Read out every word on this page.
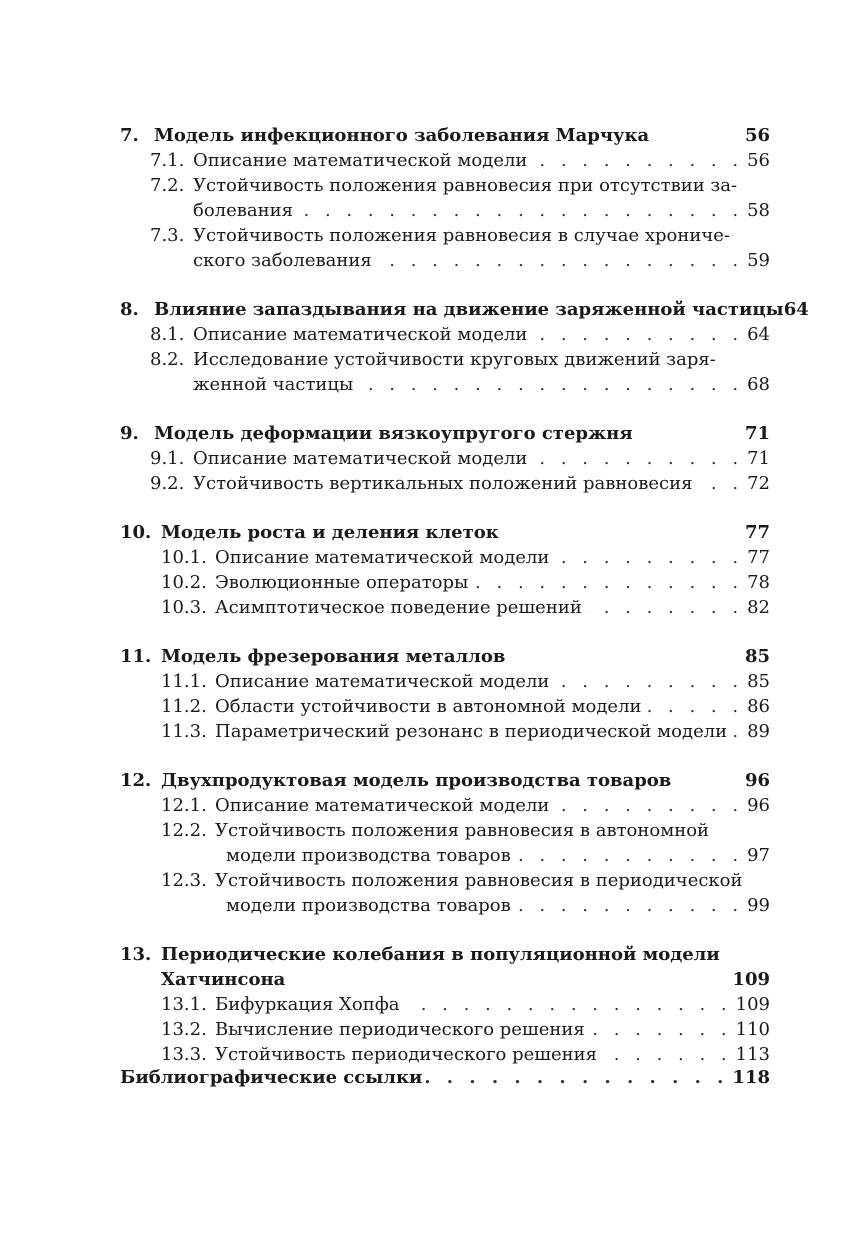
7. Модель инфекционного заболевания Марчука	56
7.1. Описание математической модели . . .	56
7.2. Устойчивость положения равновесия при отсутствии за-
болевания . . .	58
7.3. Устойчивость положения равновесия в случае хрониче-
ского заболевания . . .	59
8. Влияние запаздывания на движение заряженной частицы 64
8.1. Описание математической модели . . .	64
8.2. Исследование устойчивости круговых движений заря-
женной частицы . . .	68
9. Модель деформации вязкоупругого стержня	71
9.1. Описание математической модели . . .	71
9.2. Устойчивость вертикальных положений равновесия . . .	72
10. Модель роста и деления клеток	77
10.1. Описание математической модели . . .	77
10.2. Эволюционные операторы . . .	78
10.3. Асимптотическое поведение решений . . .	82
11. Модель фрезерования металлов	85
11.1. Описание математической модели . . .	85
11.2. Области устойчивости в автономной модели . . .	86
11.3. Параметрический резонанс в периодической модели . . . 89
12. Двухпродуктовая модель производства товаров	96
12.1. Описание математической модели . . .	96
12.2. Устойчивость положения равновесия в автономной
модели производства товаров . . .	97
12.3. Устойчивость положения равновесия в периодической
модели производства товаров . . .	99
13. Периодические колебания в популяционной модели
Хатчинсона	109
13.1. Бифуркация Хопфа . . .	109
13.2. Вычисление периодического решения . . .	110
13.3. Устойчивость периодического решения . . .	113
Библиографические ссылки . . .	118
